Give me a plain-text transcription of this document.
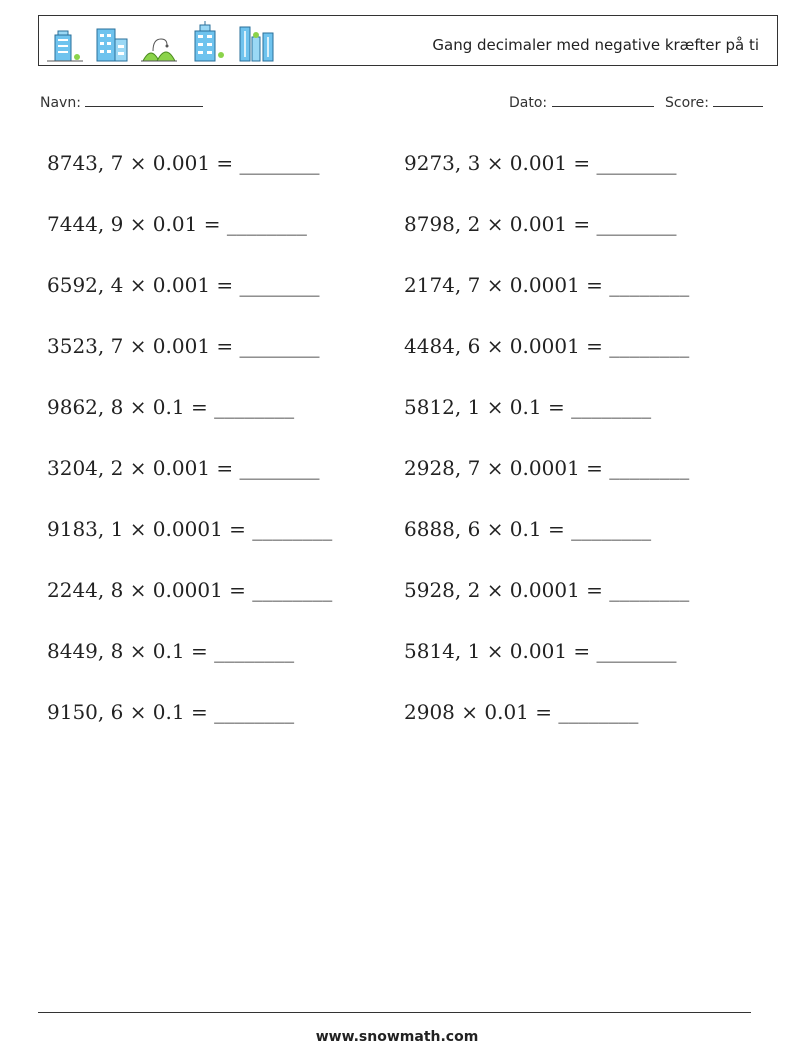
Gang decimaler med negative kræfter på ti
Navn:	Dato:	Score:
8743, 7 × 0.001 = ________	9273, 3 × 0.001 = ________
7444, 9 × 0.01 = ________	8798, 2 × 0.001 = ________
6592, 4 × 0.001 = ________	2174, 7 × 0.0001 = ________
3523, 7 × 0.001 = ________	4484, 6 × 0.0001 = ________
9862, 8 × 0.1 = ________	5812, 1 × 0.1 = ________
3204, 2 × 0.001 = ________	2928, 7 × 0.0001 = ________
9183, 1 × 0.0001 = ________	6888, 6 × 0.1 = ________
2244, 8 × 0.0001 = ________	5928, 2 × 0.0001 = ________
8449, 8 × 0.1 = ________	5814, 1 × 0.001 = ________
9150, 6 × 0.1 = ________	2908 × 0.01 = ________
www.snowmath.com
